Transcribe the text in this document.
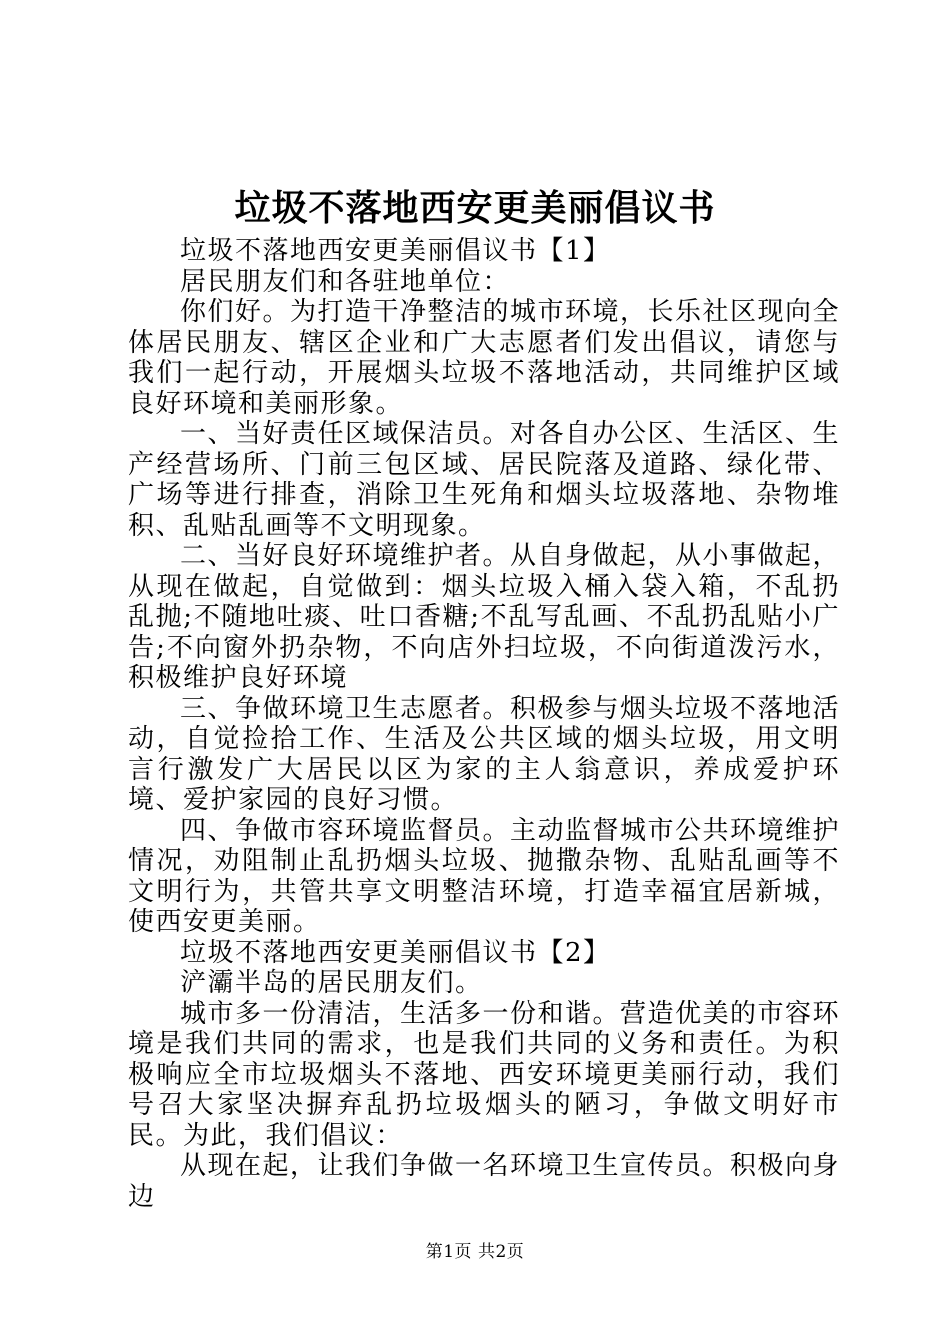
垃圾不落地西安更美丽倡议书

垃圾不落地西安更美丽倡议书【1】

居民朋友们和各驻地单位：

你们好。为打造干净整洁的城市环境，长乐社区现向全体居民朋友、辖区企业和广大志愿者们发出倡议，请您与我们一起行动，开展烟头垃圾不落地活动，共同维护区域良好环境和美丽形象。

一、当好责任区域保洁员。对各自办公区、生活区、生产经营场所、门前三包区域、居民院落及道路、绿化带、广场等进行排查，消除卫生死角和烟头垃圾落地、杂物堆积、乱贴乱画等不文明现象。

二、当好良好环境维护者。从自身做起，从小事做起，从现在做起，自觉做到：烟头垃圾入桶入袋入箱，不乱扔乱抛;不随地吐痰、吐口香糖;不乱写乱画、不乱扔乱贴小广告;不向窗外扔杂物，不向店外扫垃圾，不向街道泼污水，积极维护良好环境

三、争做环境卫生志愿者。积极参与烟头垃圾不落地活动，自觉捡拾工作、生活及公共区域的烟头垃圾，用文明言行激发广大居民以区为家的主人翁意识，养成爱护环境、爱护家园的良好习惯。

四、争做市容环境监督员。主动监督城市公共环境维护情况，劝阻制止乱扔烟头垃圾、抛撒杂物、乱贴乱画等不文明行为，共管共享文明整洁环境，打造幸福宜居新城，使西安更美丽。

垃圾不落地西安更美丽倡议书【2】

浐灞半岛的居民朋友们。

城市多一份清洁，生活多一份和谐。营造优美的市容环境是我们共同的需求，也是我们共同的义务和责任。为积极响应全市垃圾烟头不落地、西安环境更美丽行动，我们号召大家坚决摒弃乱扔垃圾烟头的陋习，争做文明好市民。为此，我们倡议：

从现在起，让我们争做一名环境卫生宣传员。积极向身边

第1页 共2页
